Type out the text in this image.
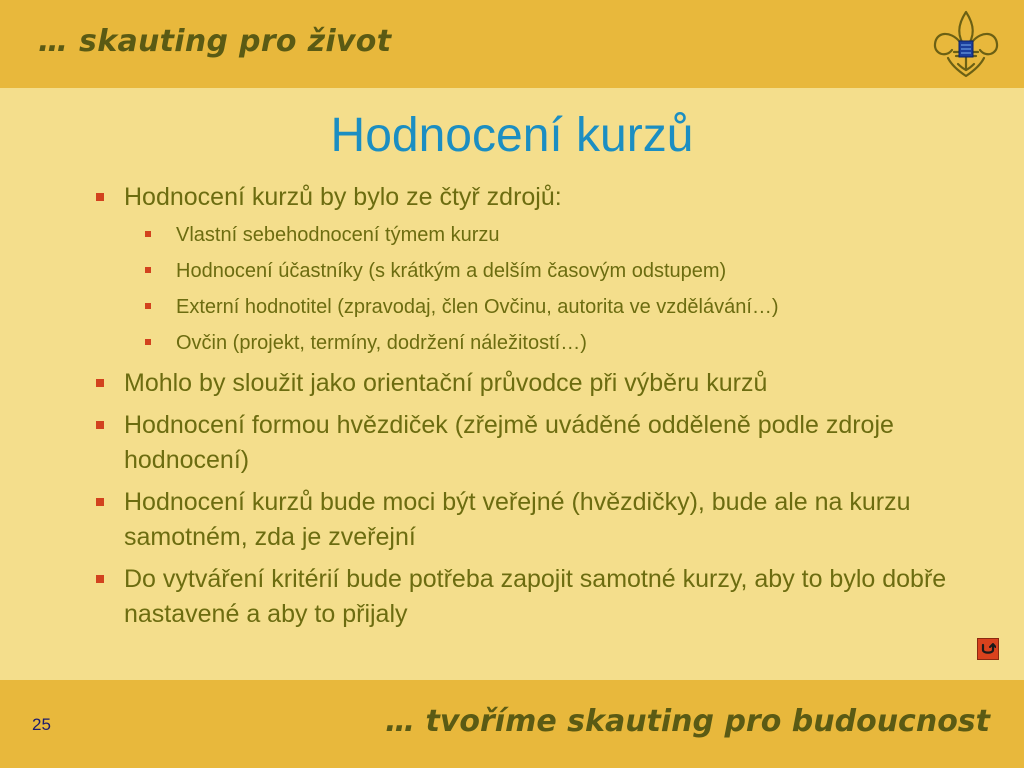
… skauting pro život
Hodnocení kurzů
Hodnocení kurzů by bylo ze čtyř zdrojů:
Vlastní sebehodnocení týmem kurzu
Hodnocení účastníky (s krátkým a delším časovým odstupem)
Externí hodnotitel (zpravodaj, člen Ovčinu, autorita ve vzdělávání…)
Ovčin (projekt, termíny, dodržení náležitostí…)
Mohlo by sloužit jako orientační průvodce při výběru kurzů
Hodnocení formou hvězdiček (zřejmě uváděné odděleně podle zdroje hodnocení)
Hodnocení kurzů bude moci být veřejné (hvězdičky), bude ale na kurzu samotném, zda je zveřejní
Do vytváření kritérií bude potřeba zapojit samotné kurzy, aby to bylo dobře nastavené a aby to přijaly
25	… tvoříme skauting pro budoucnost
